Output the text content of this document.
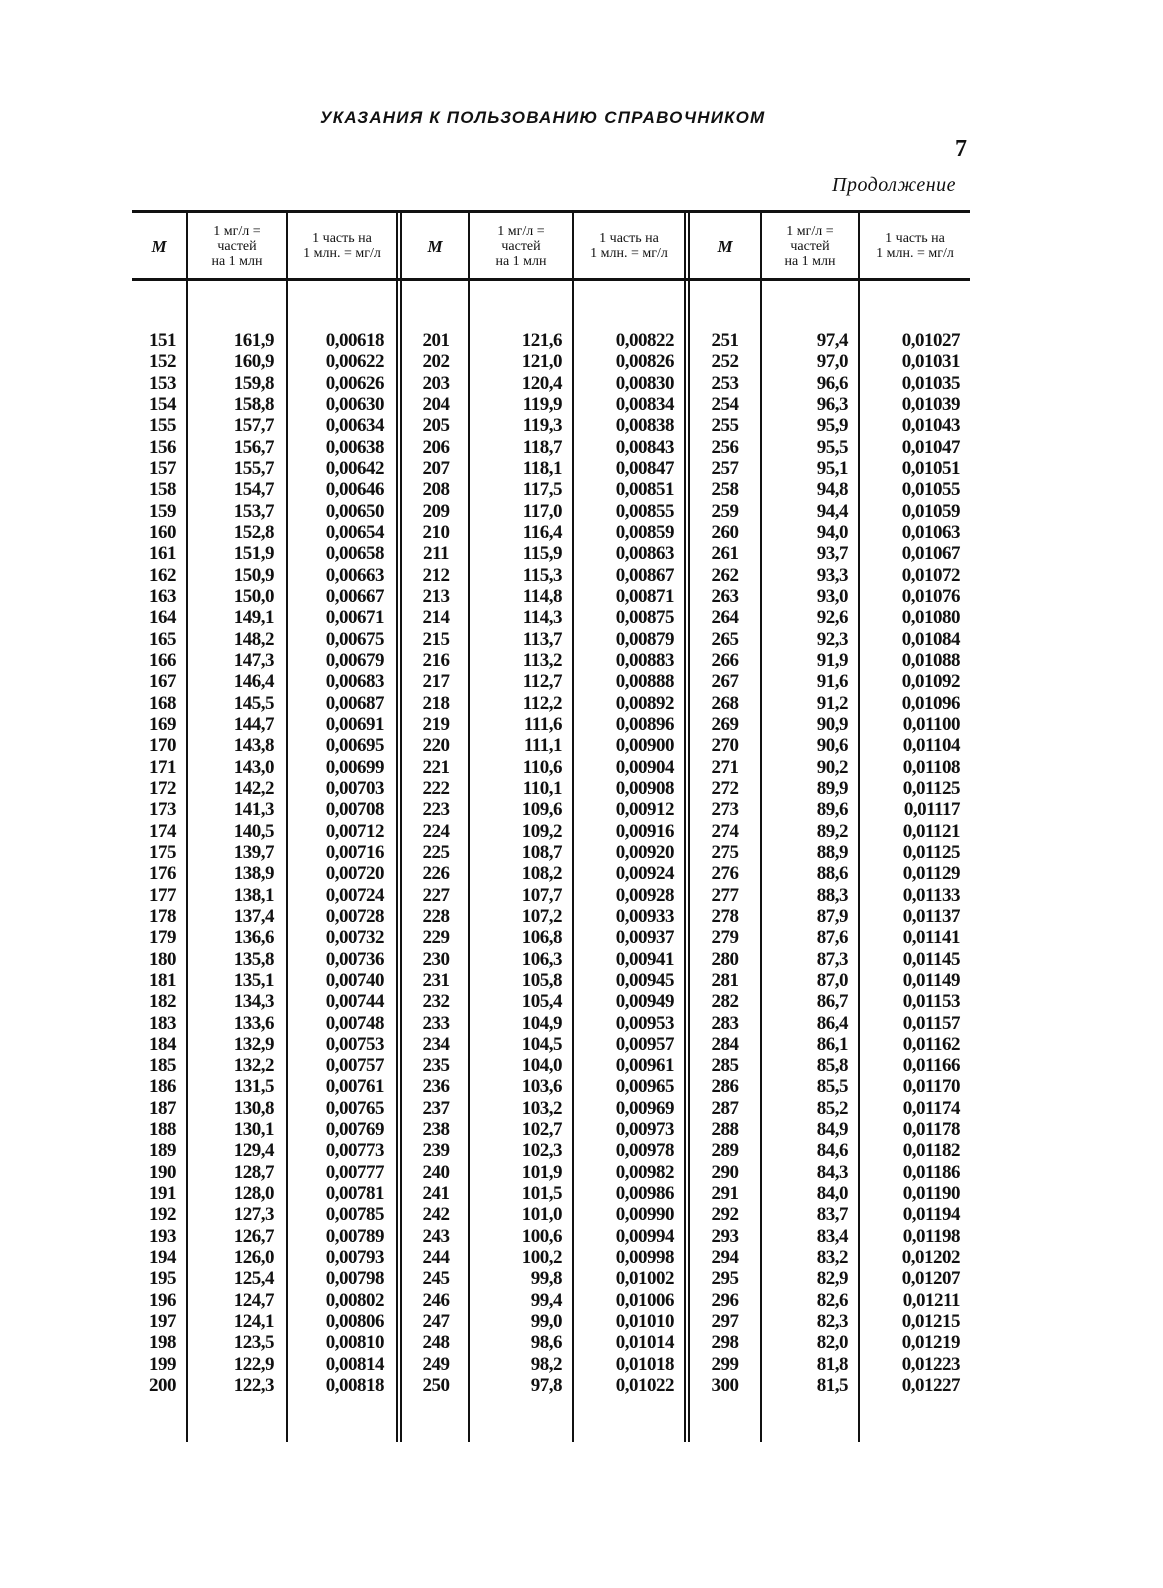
УКАЗАНИЯ К ПОЛЬЗОВАНИЮ СПРАВОЧНИКОМ
7
Продолжение
M
1 мг/л =
частей
на 1 млн
1 часть на
1 млн. = мг/л	M
1 мг/л =
частей
на 1 млн
1 часть на
1 млн. = мг/л	M
1 мг/л =
частей
на 1 млн
1 часть на
1 млн. = мг/л
151
152
153
154
155
156
157
158
159
160
161
162
163
164
165
166
167
168
169
170
171
172
173
174
175
176
177
178
179
180
181
182
183
184
185
186
187
188
189
190
191
192
193
194
195
196
197
198
199
200
161,9
160,9
159,8
158,8
157,7
156,7
155,7
154,7
153,7
152,8
151,9
150,9
150,0
149,1
148,2
147,3
146,4
145,5
144,7
143,8
143,0
142,2
141,3
140,5
139,7
138,9
138,1
137,4
136,6
135,8
135,1
134,3
133,6
132,9
132,2
131,5
130,8
130,1
129,4
128,7
128,0
127,3
126,7
126,0
125,4
124,7
124,1
123,5
122,9
122,3
0,00618
0,00622
0,00626
0,00630
0,00634
0,00638
0,00642
0,00646
0,00650
0,00654
0,00658
0,00663
0,00667
0,00671
0,00675
0,00679
0,00683
0,00687
0,00691
0,00695
0,00699
0,00703
0,00708
0,00712
0,00716
0,00720
0,00724
0,00728
0,00732
0,00736
0,00740
0,00744
0,00748
0,00753
0,00757
0,00761
0,00765
0,00769
0,00773
0,00777
0,00781
0,00785
0,00789
0,00793
0,00798
0,00802
0,00806
0,00810
0,00814
0,00818
201
202
203
204
205
206
207
208
209
210
211
212
213
214
215
216
217
218
219
220
221
222
223
224
225
226
227
228
229
230
231
232
233
234
235
236
237
238
239
240
241
242
243
244
245
246
247
248
249
250
121,6
121,0
120,4
119,9
119,3
118,7
118,1
117,5
117,0
116,4
115,9
115,3
114,8
114,3
113,7
113,2
112,7
112,2
111,6
111,1
110,6
110,1
109,6
109,2
108,7
108,2
107,7
107,2
106,8
106,3
105,8
105,4
104,9
104,5
104,0
103,6
103,2
102,7
102,3
101,9
101,5
101,0
100,6
100,2
99,8
99,4
99,0
98,6
98,2
97,8
0,00822
0,00826
0,00830
0,00834
0,00838
0,00843
0,00847
0,00851
0,00855
0,00859
0,00863
0,00867
0,00871
0,00875
0,00879
0,00883
0,00888
0,00892
0,00896
0,00900
0,00904
0,00908
0,00912
0,00916
0,00920
0,00924
0,00928
0,00933
0,00937
0,00941
0,00945
0,00949
0,00953
0,00957
0,00961
0,00965
0,00969
0,00973
0,00978
0,00982
0,00986
0,00990
0,00994
0,00998
0,01002
0,01006
0,01010
0,01014
0,01018
0,01022
251
252
253
254
255
256
257
258
259
260
261
262
263
264
265
266
267
268
269
270
271
272
273
274
275
276
277
278
279
280
281
282
283
284
285
286
287
288
289
290
291
292
293
294
295
296
297
298
299
300
97,4
97,0
96,6
96,3
95,9
95,5
95,1
94,8
94,4
94,0
93,7
93,3
93,0
92,6
92,3
91,9
91,6
91,2
90,9
90,6
90,2
89,9
89,6
89,2
88,9
88,6
88,3
87,9
87,6
87,3
87,0
86,7
86,4
86,1
85,8
85,5
85,2
84,9
84,6
84,3
84,0
83,7
83,4
83,2
82,9
82,6
82,3
82,0
81,8
81,5
0,01027
0,01031
0,01035
0,01039
0,01043
0,01047
0,01051
0,01055
0,01059
0,01063
0,01067
0,01072
0,01076
0,01080
0,01084
0,01088
0,01092
0,01096
0,01100
0,01104
0,01108
0,01125
0,01117
0,01121
0,01125
0,01129
0,01133
0,01137
0,01141
0,01145
0,01149
0,01153
0,01157
0,01162
0,01166
0,01170
0,01174
0,01178
0,01182
0,01186
0,01190
0,01194
0,01198
0,01202
0,01207
0,01211
0,01215
0,01219
0,01223
0,01227
